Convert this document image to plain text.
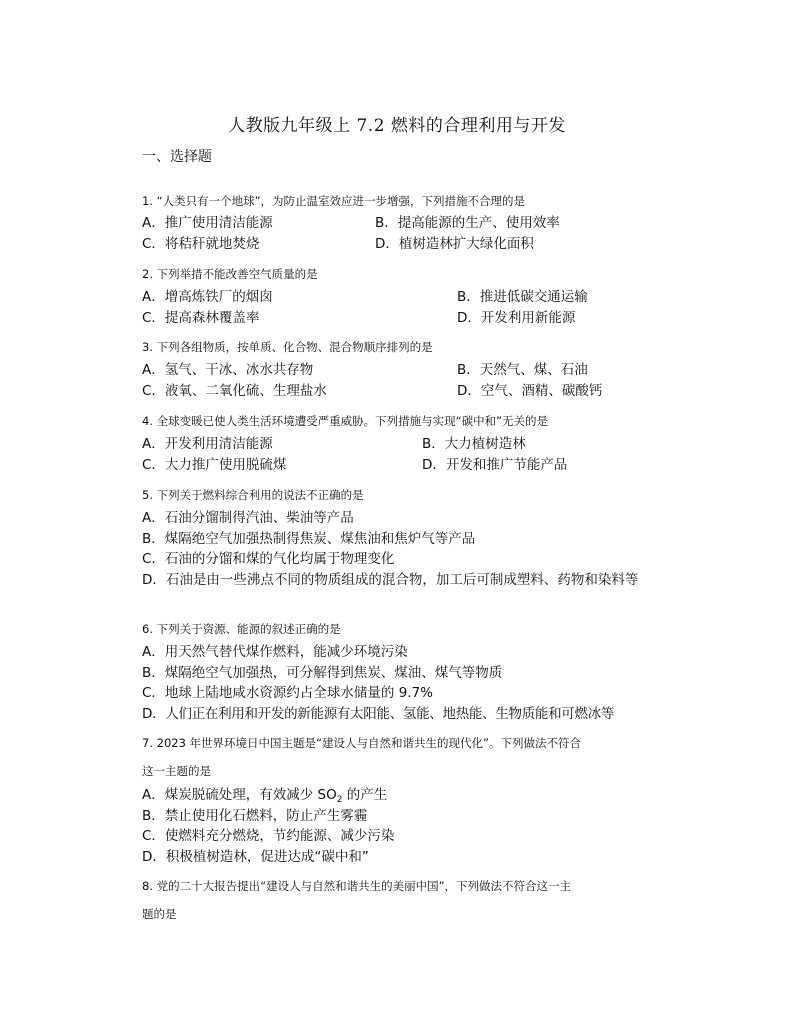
人教版九年级上 7.2 燃料的合理利用与开发
一、选择题
1. “人类只有一个地球”，为防止温室效应进一步增强，下列措施不合理的是
A．推广使用清洁能源	B．提高能源的生产、使用效率
C．将秸秆就地焚烧	D．植树造林扩大绿化面积
2. 下列举措不能改善空气质量的是
A．增高炼铁厂的烟囱	B．推进低碳交通运输
C．提高森林覆盖率	D．开发利用新能源
3. 下列各组物质，按单质、化合物、混合物顺序排列的是
A．氢气、干冰、冰水共存物	B．天然气、煤、石油
C．液氧、二氧化硫、生理盐水	D．空气、酒精、碳酸钙
4. 全球变暖已使人类生活环境遭受严重威胁。下列措施与实现“碳中和”无关的是
A．开发利用清洁能源	B．大力植树造林
C．大力推广使用脱硫煤	D．开发和推广节能产品
5. 下列关于燃料综合利用的说法不正确的是
A．石油分馏制得汽油、柴油等产品
B．煤隔绝空气加强热制得焦炭、煤焦油和焦炉气等产品
C．石油的分馏和煤的气化均属于物理变化
D．石油是由一些沸点不同的物质组成的混合物，加工后可制成塑料、药物和染料等
6. 下列关于资源、能源的叙述正确的是
A．用天然气替代煤作燃料，能减少环境污染
B．煤隔绝空气加强热，可分解得到焦炭、煤油、煤气等物质
C．地球上陆地咸水资源约占全球水储量的 9.7%
D．人们正在利用和开发的新能源有太阳能、氢能、地热能、生物质能和可燃冰等
7. 2023 年世界环境日中国主题是“建设人与自然和谐共生的现代化”。下列做法不符合
这一主题的是
A．煤炭脱硫处理，有效减少 $SO_2$ 的产生
B．禁止使用化石燃料，防止产生雾霾
C．使燃料充分燃烧，节约能源、减少污染
D．积极植树造林，促进达成“碳中和”
8. 党的二十大报告提出“建设人与自然和谐共生的美丽中国”，下列做法不符合这一主
题的是
